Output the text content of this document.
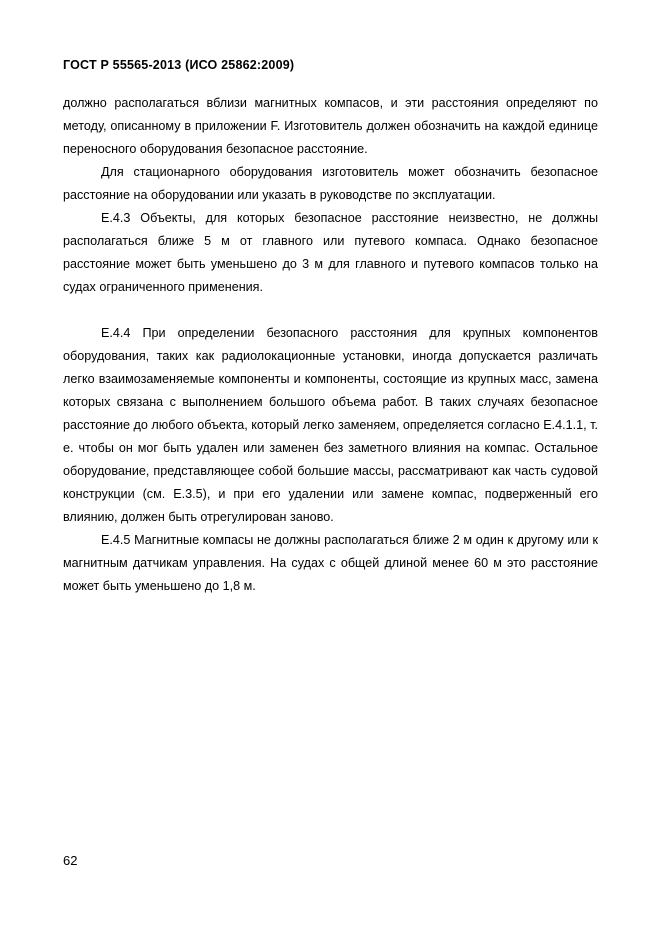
ГОСТ Р 55565-2013 (ИСО 25862:2009)

должно располагаться вблизи магнитных компасов, и эти расстояния определяют по методу, описанному в приложении F. Изготовитель должен обозначить на каждой единице переносного оборудования безопасное расстояние.

Для стационарного оборудования изготовитель может обозначить безопасное расстояние на оборудовании или указать в руководстве по эксплуатации.

Е.4.3 Объекты, для которых безопасное расстояние неизвестно, не должны располагаться ближе 5 м от главного или путевого компаса. Однако безопасное расстояние может быть уменьшено до 3 м для главного и путевого компасов только на судах ограниченного применения.

Е.4.4 При определении безопасного расстояния для крупных компонентов оборудования, таких как радиолокационные установки, иногда допускается различать легко взаимозаменяемые компоненты и компоненты, состоящие из крупных масс, замена которых связана с выполнением большого объема работ. В таких случаях безопасное расстояние до любого объекта, который легко заменяем, определяется согласно Е.4.1.1, т. е. чтобы он мог быть удален или заменен без заметного влияния на компас. Остальное оборудование, представляющее собой большие массы, рассматривают как часть судовой конструкции (см. Е.3.5), и при его удалении или замене компас, подверженный его влиянию, должен быть отрегулирован заново.

Е.4.5 Магнитные компасы не должны располагаться ближе 2 м один к другому или к магнитным датчикам управления. На судах с общей длиной менее 60 м это расстояние может быть уменьшено до 1,8 м.

62
